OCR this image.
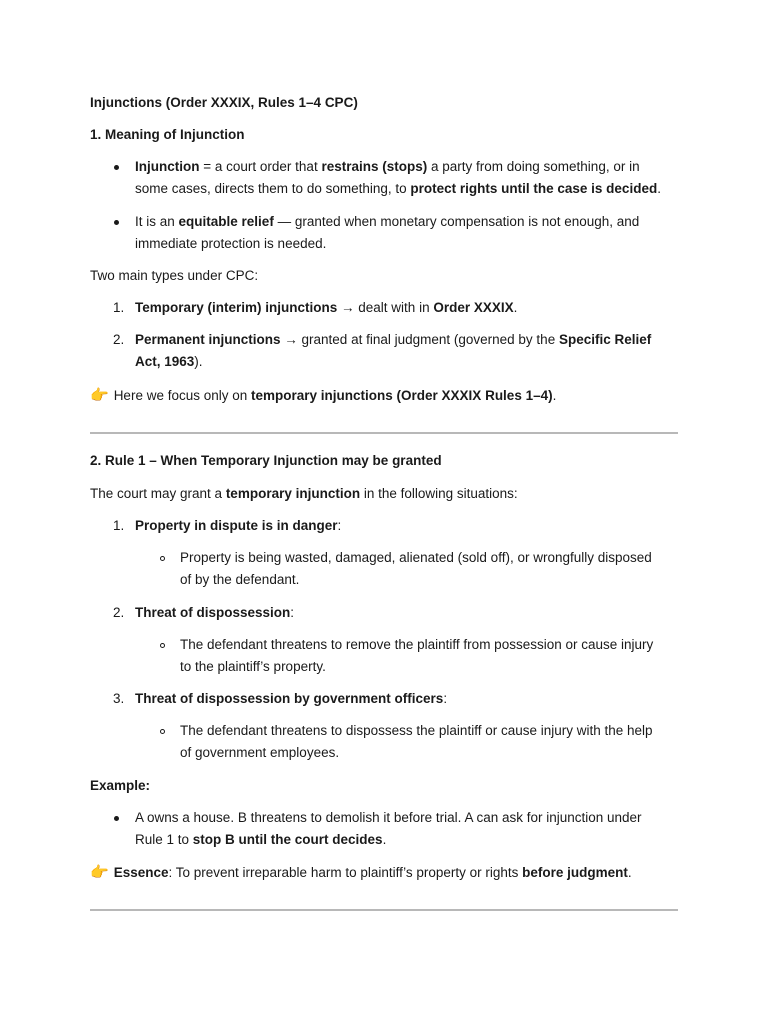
Injunctions (Order XXXIX, Rules 1–4 CPC)
1. Meaning of Injunction
Injunction = a court order that restrains (stops) a party from doing something, or in
some cases, directs them to do something, to protect rights until the case is decided.
It is an equitable relief — granted when monetary compensation is not enough, and
immediate protection is needed.
Two main types under CPC:
1. Temporary (interim) injunctions → dealt with in Order XXXIX.
2. Permanent injunctions → granted at final judgment (governed by the Specific Relief
Act, 1963).
👉 Here we focus only on temporary injunctions (Order XXXIX Rules 1–4).
2. Rule 1 – When Temporary Injunction may be granted
The court may grant a temporary injunction in the following situations:
1. Property in dispute is in danger:
Property is being wasted, damaged, alienated (sold off), or wrongfully disposed
of by the defendant.
2. Threat of dispossession:
The defendant threatens to remove the plaintiff from possession or cause injury
to the plaintiff’s property.
3. Threat of dispossession by government officers:
The defendant threatens to dispossess the plaintiff or cause injury with the help
of government employees.
Example:
A owns a house. B threatens to demolish it before trial. A can ask for injunction under
Rule 1 to stop B until the court decides.
👉 Essence: To prevent irreparable harm to plaintiff’s property or rights before judgment.
